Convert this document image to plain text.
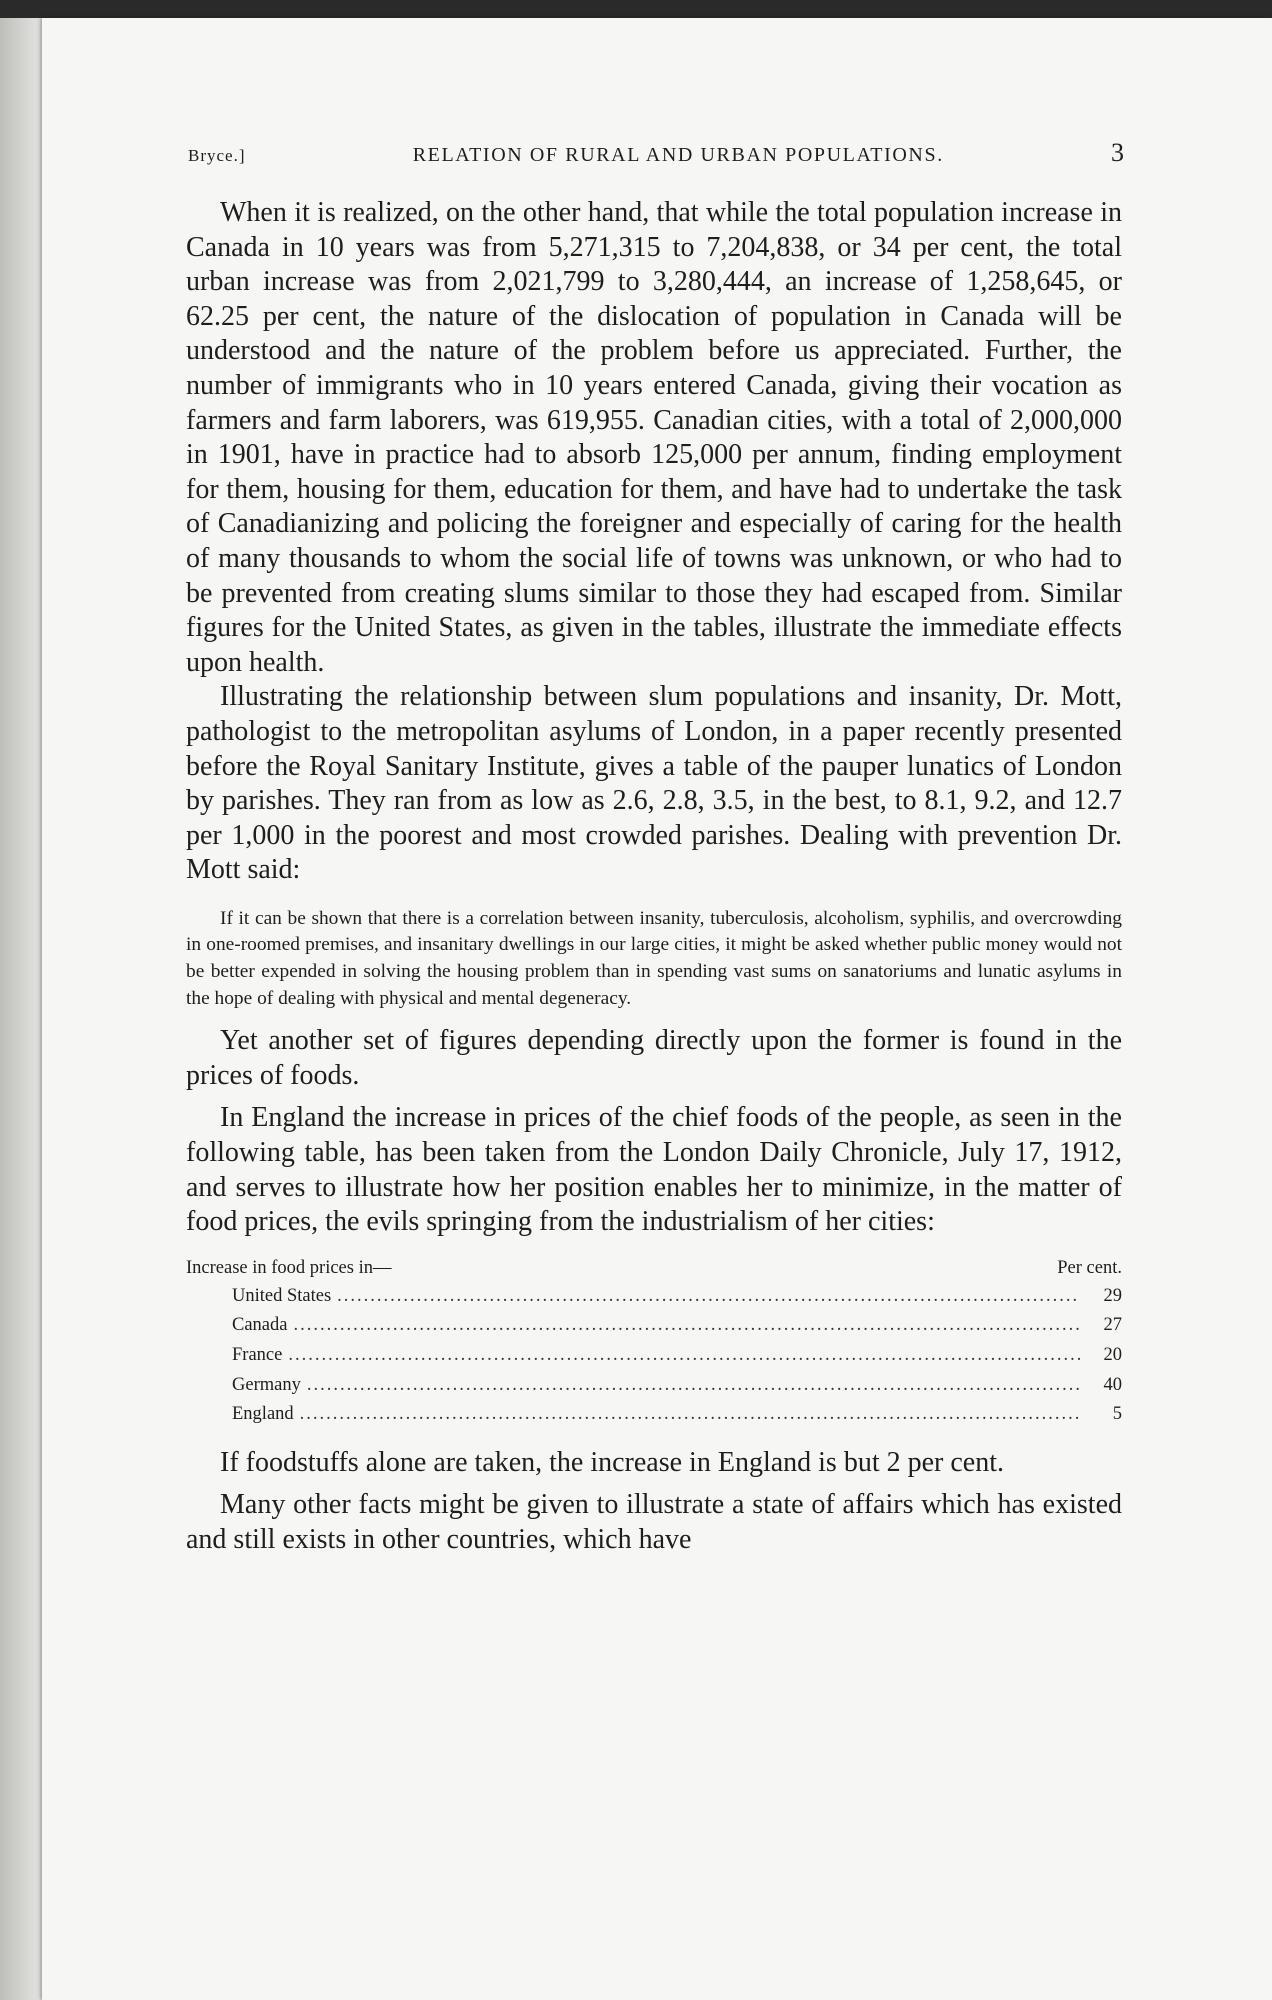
Bryce.]	RELATION OF RURAL AND URBAN POPULATIONS.	3

When it is realized, on the other hand, that while the total population increase in Canada in 10 years was from 5,271,315 to 7,204,838, or 34 per cent, the total urban increase was from 2,021,799 to 3,280,444, an increase of 1,258,645, or 62.25 per cent, the nature of the dislocation of population in Canada will be understood and the nature of the problem before us appreciated. Further, the number of immigrants who in 10 years entered Canada, giving their vocation as farmers and farm laborers, was 619,955. Canadian cities, with a total of 2,000,000 in 1901, have in practice had to absorb 125,000 per annum, finding employment for them, housing for them, education for them, and have had to undertake the task of Canadianizing and policing the foreigner and especially of caring for the health of many thousands to whom the social life of towns was unknown, or who had to be prevented from creating slums similar to those they had escaped from. Similar figures for the United States, as given in the tables, illustrate the immediate effects upon health.

Illustrating the relationship between slum populations and insanity, Dr. Mott, pathologist to the metropolitan asylums of London, in a paper recently presented before the Royal Sanitary Institute, gives a table of the pauper lunatics of London by parishes. They ran from as low as 2.6, 2.8, 3.5, in the best, to 8.1, 9.2, and 12.7 per 1,000 in the poorest and most crowded parishes. Dealing with prevention Dr. Mott said:

If it can be shown that there is a correlation between insanity, tuberculosis, alcoholism, syphilis, and overcrowding in one-roomed premises, and insanitary dwellings in our large cities, it might be asked whether public money would not be better expended in solving the housing problem than in spending vast sums on sanatoriums and lunatic asylums in the hope of dealing with physical and mental degeneracy.

Yet another set of figures depending directly upon the former is found in the prices of foods.

In England the increase in prices of the chief foods of the people, as seen in the following table, has been taken from the London Daily Chronicle, July 17, 1912, and serves to illustrate how her position enables her to minimize, in the matter of food prices, the evils springing from the industrialism of her cities:

Increase in food prices in—	Per cent.
United States .....	29
Canada .....	27
France .....	20
Germany .....	40
England .....	5

If foodstuffs alone are taken, the increase in England is but 2 per cent.

Many other facts might be given to illustrate a state of affairs which has existed and still exists in other countries, which have
